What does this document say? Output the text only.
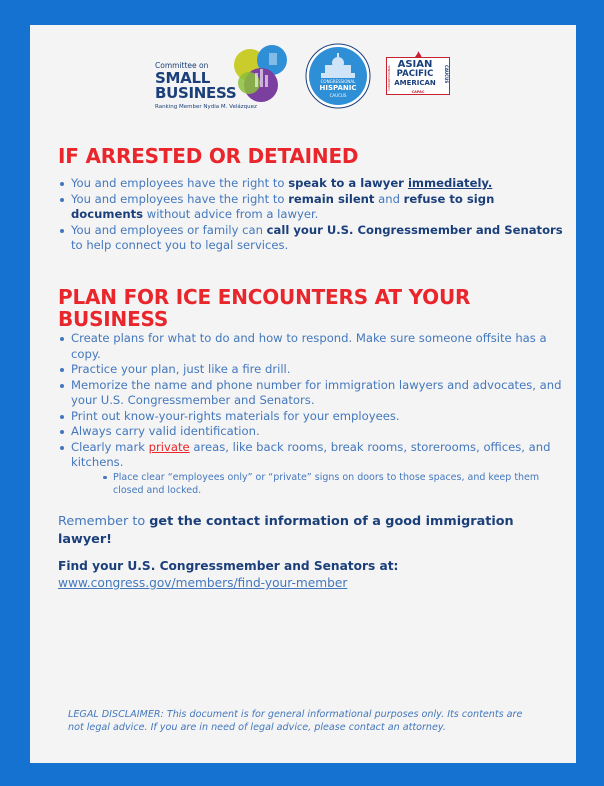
Committee on
SMALL
BUSINESS
Ranking Member Nydia M. Velázquez
CONGRESSIONAL
HISPANIC
CAUCUS
CONGRESSIONAL
ASIAN
PACIFIC
AMERICAN	CAUCUS
CAPAC
IF ARRESTED OR DETAINED
You and employees have the right to speak to a lawyer immediately.
You and employees have the right to remain silent and refuse to sign documents without advice from a lawyer.
You and employees or family can call your U.S. Congressmember and Senators to help connect you to legal services.
PLAN FOR ICE ENCOUNTERS AT YOUR
BUSINESS
Create plans for what to do and how to respond. Make sure someone offsite has a copy.
Practice your plan, just like a fire drill.
Memorize the name and phone number for immigration lawyers and advocates, and your U.S. Congressmember and Senators.
Print out know-your-rights materials for your employees.
Always carry valid identification.
Clearly mark private areas, like back rooms, break rooms, storerooms, offices, and kitchens.
Place clear “employees only” or “private” signs on doors to those spaces, and keep them closed and locked.
Remember to get the contact information of a good immigration lawyer!
Find your U.S. Congressmember and Senators at:
www.congress.gov/members/find-your-member
LEGAL DISCLAIMER: This document is for general informational purposes only. Its contents are not legal advice. If you are in need of legal advice, please contact an attorney.
